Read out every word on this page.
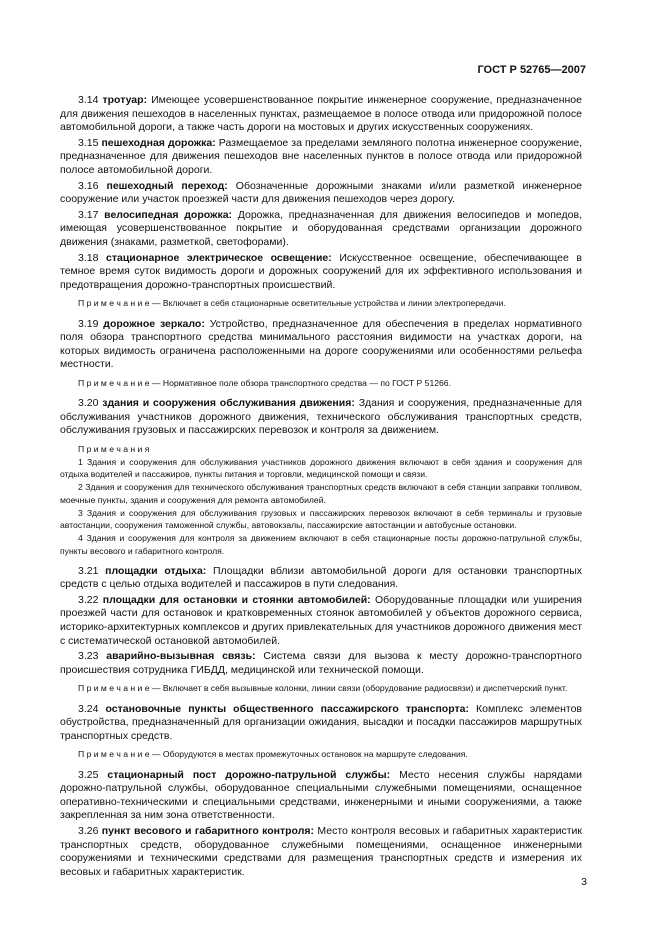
ГОСТ Р 52765—2007

3.14 тротуар: Имеющее усовершенствованное покрытие инженерное сооружение, предназначенное для движения пешеходов в населенных пунктах, размещаемое в полосе отвода или придорожной полосе автомобильной дороги, а также часть дороги на мостовых и других искусственных сооружениях.

3.15 пешеходная дорожка: Размещаемое за пределами земляного полотна инженерное сооружение, предназначенное для движения пешеходов вне населенных пунктов в полосе отвода или придорожной полосе автомобильной дороги.

3.16 пешеходный переход: Обозначенные дорожными знаками и/или разметкой инженерное сооружение или участок проезжей части для движения пешеходов через дорогу.

3.17 велосипедная дорожка: Дорожка, предназначенная для движения велосипедов и мопедов, имеющая усовершенствованное покрытие и оборудованная средствами организации дорожного движения (знаками, разметкой, светофорами).

3.18 стационарное электрическое освещение: Искусственное освещение, обеспечивающее в темное время суток видимость дороги и дорожных сооружений для их эффективного использования и предотвращения дорожно-транспортных происшествий.

П р и м е ч а н и е — Включает в себя стационарные осветительные устройства и линии электропередачи.

3.19 дорожное зеркало: Устройство, предназначенное для обеспечения в пределах нормативного поля обзора транспортного средства минимального расстояния видимости на участках дороги, на которых видимость ограничена расположенными на дороге сооружениями или особенностями рельефа местности.

П р и м е ч а н и е — Нормативное поле обзора транспортного средства — по ГОСТ Р 51266.

3.20 здания и сооружения обслуживания движения: Здания и сооружения, предназначенные для обслуживания участников дорожного движения, технического обслуживания транспортных средств, обслуживания грузовых и пассажирских перевозок и контроля за движением.

П р и м е ч а н и я

1 Здания и сооружения для обслуживания участников дорожного движения включают в себя здания и сооружения для отдыха водителей и пассажиров, пункты питания и торговли, медицинской помощи и связи.

2 Здания и сооружения для технического обслуживания транспортных средств включают в себя станции заправки топливом, моечные пункты, здания и сооружения для ремонта автомобилей.

3 Здания и сооружения для обслуживания грузовых и пассажирских перевозок включают в себя терминалы и грузовые автостанции, сооружения таможенной службы, автовокзалы, пассажирские автостанции и автобусные остановки.

4 Здания и сооружения для контроля за движением включают в себя стационарные посты дорожно-патрульной службы, пункты весового и габаритного контроля.

3.21 площадки отдыха: Площадки вблизи автомобильной дороги для остановки транспортных средств с целью отдыха водителей и пассажиров в пути следования.

3.22 площадки для остановки и стоянки автомобилей: Оборудованные площадки или уширения проезжей части для остановок и кратковременных стоянок автомобилей у объектов дорожного сервиса, историко-архитектурных комплексов и других привлекательных для участников дорожного движения мест с систематической остановкой автомобилей.

3.23 аварийно-вызывная связь: Система связи для вызова к месту дорожно-транспортного происшествия сотрудника ГИБДД, медицинской или технической помощи.

П р и м е ч а н и е — Включает в себя вызывные колонки, линии связи (оборудование радиосвязи) и диспетчерский пункт.

3.24 остановочные пункты общественного пассажирского транспорта: Комплекс элементов обустройства, предназначенный для организации ожидания, высадки и посадки пассажиров маршрутных транспортных средств.

П р и м е ч а н и е — Оборудуются в местах промежуточных остановок на маршруте следования.

3.25 стационарный пост дорожно-патрульной службы: Место несения службы нарядами дорожно-патрульной службы, оборудованное специальными служебными помещениями, оснащенное оперативно-техническими и специальными средствами, инженерными и иными сооружениями, а также закрепленная за ним зона ответственности.

3.26 пункт весового и габаритного контроля: Место контроля весовых и габаритных характеристик транспортных средств, оборудованное служебными помещениями, оснащенное инженерными сооружениями и техническими средствами для размещения транспортных средств и измерения их весовых и габаритных характеристик.

3
